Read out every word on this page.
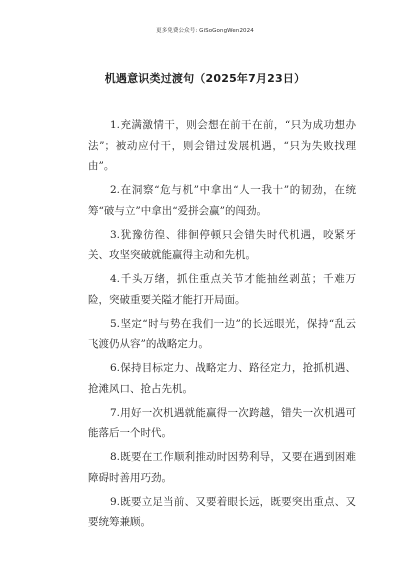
更多免费公众号: GiSoGongWen2024
机遇意识类过渡句（2025年7月23日）

1.充满激情干，则会想在前干在前，“只为成功想办法”；被动应付干，则会错过发展机遇，“只为失败找理由”。

2.在洞察“危与机”中拿出“人一我十”的韧劲，在统筹“破与立”中拿出“爱拼会赢”的闯劲。

3.犹豫彷徨、徘徊停顿只会错失时代机遇，咬紧牙关、攻坚突破就能赢得主动和先机。

4.千头万绪，抓住重点关节才能抽丝剥茧；千难万险，突破重要关隘才能打开局面。

5.坚定“时与势在我们一边”的长远眼光，保持“乱云飞渡仍从容”的战略定力。

6.保持目标定力、战略定力、路径定力，抢抓机遇、抢滩风口、抢占先机。

7.用好一次机遇就能赢得一次跨越，错失一次机遇可能落后一个时代。

8.既要在工作顺利推动时因势利导，又要在遇到困难障碍时善用巧劲。

9.既要立足当前、又要着眼长远，既要突出重点、又要统筹兼顾。
